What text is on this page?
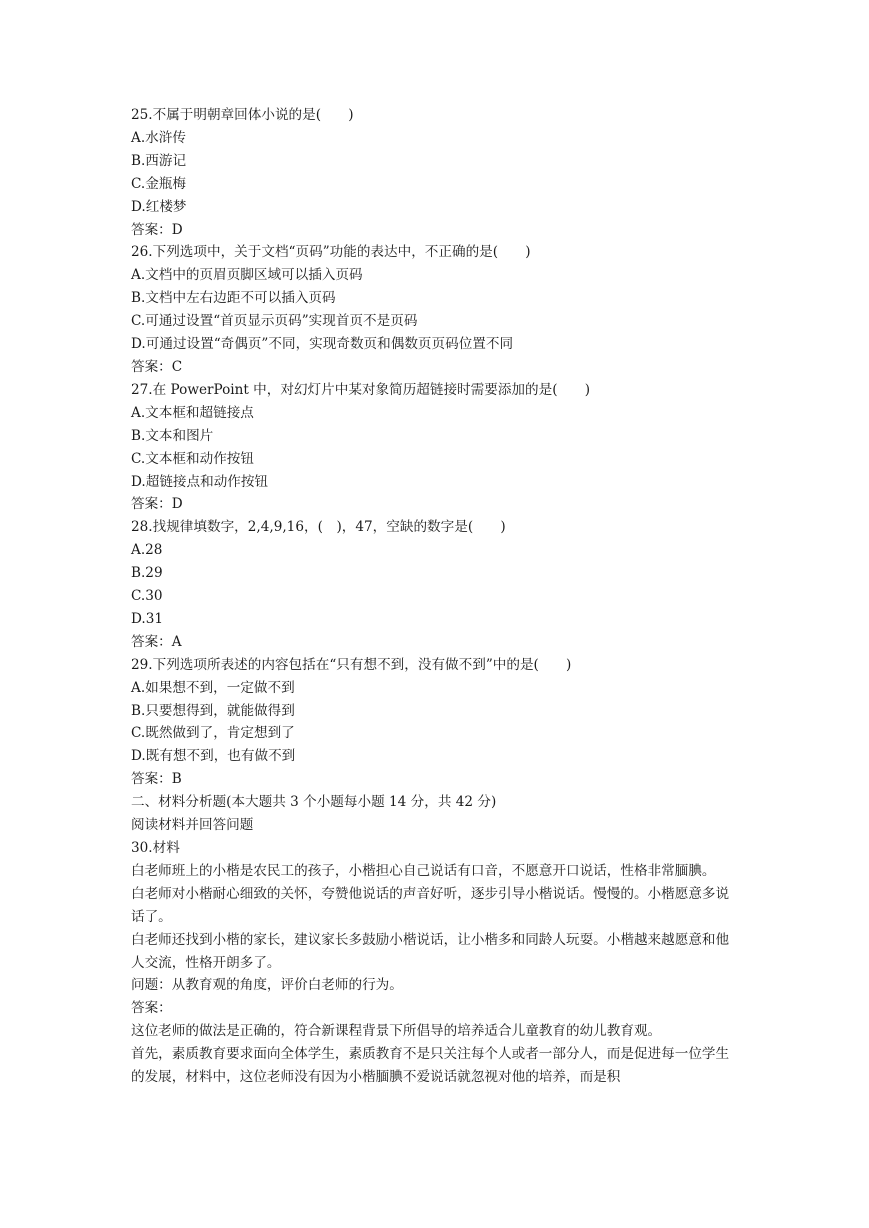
25.不属于明朝章回体小说的是(　　)
A.水浒传
B.西游记
C.金瓶梅
D.红楼梦
答案：D
26.下列选项中，关于文档“页码”功能的表达中，不正确的是(　　)
A.文档中的页眉页脚区域可以插入页码
B.文档中左右边距不可以插入页码
C.可通过设置“首页显示页码”实现首页不是页码
D.可通过设置“奇偶页”不同，实现奇数页和偶数页页码位置不同
答案：C
27.在 PowerPoint 中，对幻灯片中某对象简历超链接时需要添加的是(　　)
A.文本框和超链接点
B.文本和图片
C.文本框和动作按钮
D.超链接点和动作按钮
答案：D
28.找规律填数字，2,4,9,16，(　)，47，空缺的数字是(　　)
A.28
B.29
C.30
D.31
答案：A
29.下列选项所表述的内容包括在“只有想不到，没有做不到”中的是(　　)
A.如果想不到，一定做不到
B.只要想得到，就能做得到
C.既然做到了，肯定想到了
D.既有想不到，也有做不到
答案：B
二、材料分析题(本大题共 3 个小题每小题 14 分，共 42 分)
阅读材料并回答问题
30.材料
白老师班上的小楷是农民工的孩子，小楷担心自己说话有口音，不愿意开口说话，性格非常腼腆。
白老师对小楷耐心细致的关怀，夸赞他说话的声音好听，逐步引导小楷说话。慢慢的。小楷愿意多说话了。
白老师还找到小楷的家长，建议家长多鼓励小楷说话，让小楷多和同龄人玩耍。小楷越来越愿意和他人交流，性格开朗多了。
问题：从教育观的角度，评价白老师的行为。
答案：
这位老师的做法是正确的，符合新课程背景下所倡导的培养适合儿童教育的幼儿教育观。
首先，素质教育要求面向全体学生，素质教育不是只关注每个人或者一部分人，而是促进每一位学生的发展，材料中，这位老师没有因为小楷腼腆不爱说话就忽视对他的培养，而是积
